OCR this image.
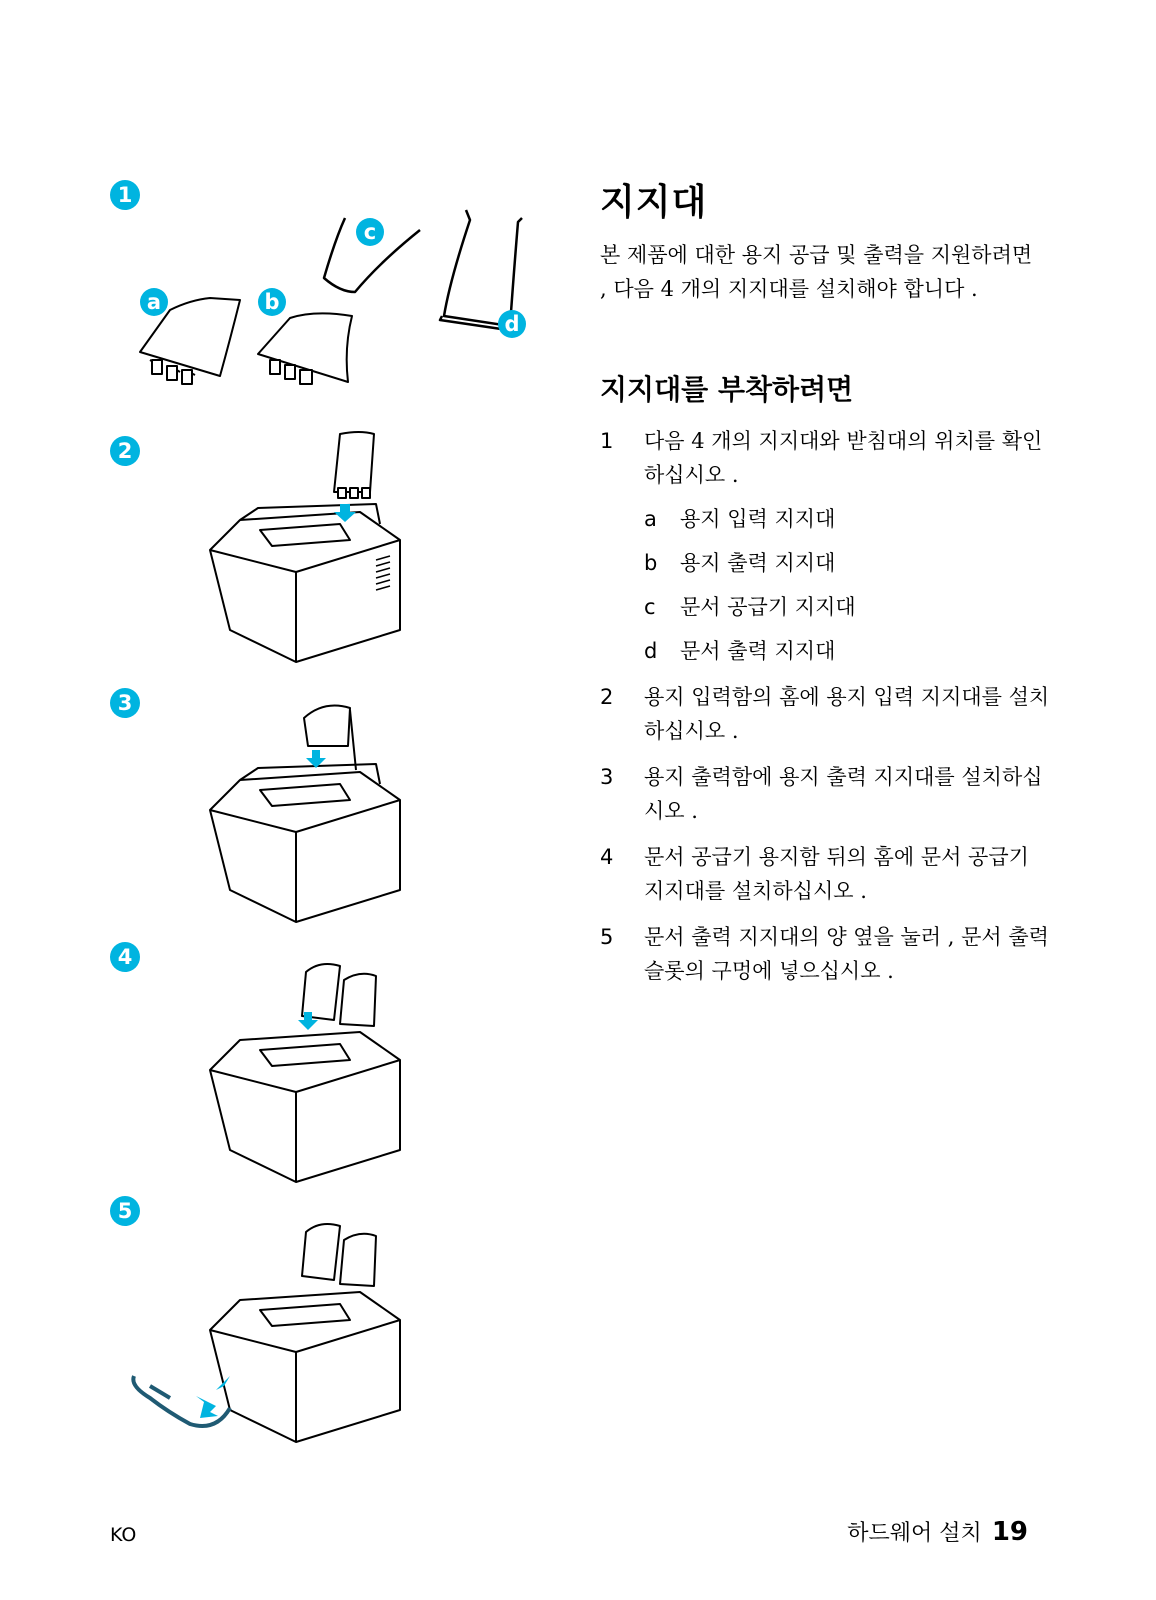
1
a	b
c
d
2
3
4
5
지지대

본 제품에 대한 용지 공급 및 출력을 지원하려면 , 다음 4 개의 지지대를 설치해야 합니다 .

지지대를 부착하려면
1 다음 4 개의 지지대와 받침대의 위치를 확인하십시오 .
a 용지 입력 지지대
b 용지 출력 지지대
c 문서 공급기 지지대
d 문서 출력 지지대
2 용지 입력함의 홈에 용지 입력 지지대를 설치하십시오 .
3 용지 출력함에 용지 출력 지지대를 설치하십시오 .
4 문서 공급기 용지함 뒤의 홈에 문서 공급기 지지대를 설치하십시오 .
5 문서 출력 지지대의 양 옆을 눌러 , 문서 출력 슬롯의 구멍에 넣으십시오 .
KO	하드웨어 설치 19
